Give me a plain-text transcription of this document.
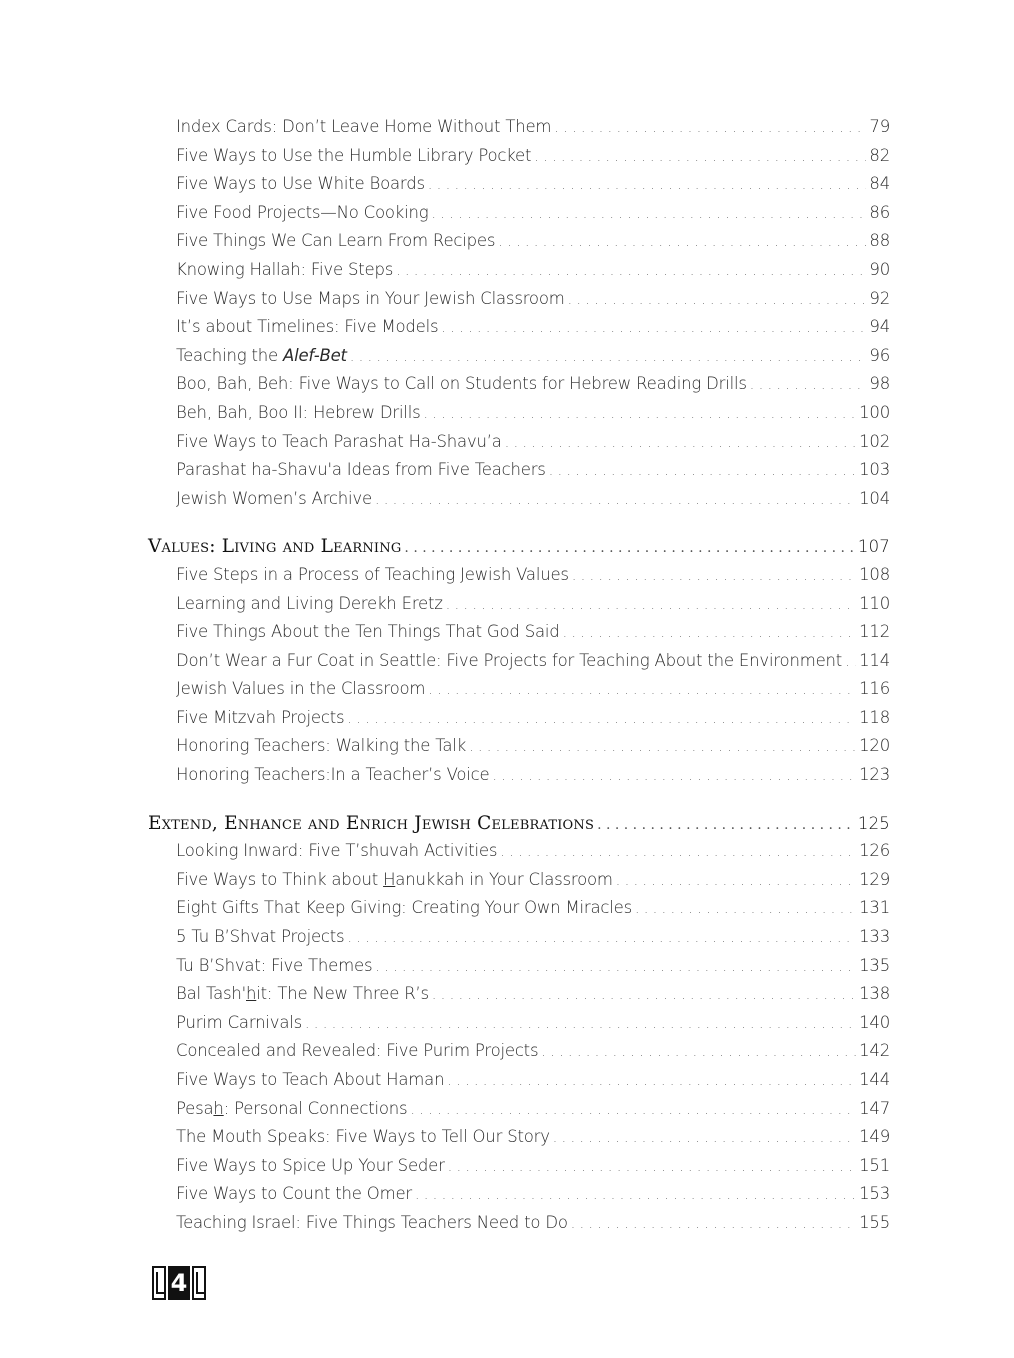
Index Cards: Don’t Leave Home Without Them . . .	79
Five Ways to Use the Humble Library Pocket . . .	82
Five Ways to Use White Boards . . .	84
Five Food Projects—No Cooking . . .	86
Five Things We Can Learn From Recipes . . .	88
Knowing Hallah: Five Steps . . .	90
Five Ways to Use Maps in Your Jewish Classroom . . .	92
It’s about Timelines: Five Models . . .	94
Teaching the Alef-Bet . . .	96
Boo, Bah, Beh: Five Ways to Call on Students for Hebrew Reading Drills . . .	98
Beh, Bah, Boo II: Hebrew Drills . . .	100
Five Ways to Teach Parashat Ha-Shavu’a . . .	102
Parashat ha-Shavu'a Ideas from Five Teachers . . .	103
Jewish Women’s Archive . . .	104
Values: Living and Learning . . .	107
Five Steps in a Process of Teaching Jewish Values . . .	108
Learning and Living Derekh Eretz . . .	110
Five Things About the Ten Things That God Said . . .	112
Don’t Wear a Fur Coat in Seattle: Five Projects for Teaching About the Environment . . . 114
Jewish Values in the Classroom . . .	116
Five Mitzvah Projects . . .	118
Honoring Teachers: Walking the Talk . . .	120
Honoring Teachers:In a Teacher’s Voice . . .	123
Extend, Enhance and Enrich Jewish Celebrations . . .	125
Looking Inward: Five T’shuvah Activities . . .	126
Five Ways to Think about Hanukkah in Your Classroom . . .	129
Eight Gifts That Keep Giving: Creating Your Own Miracles . . .	131
5 Tu B’Shvat Projects . . .	133
Tu B’Shvat: Five Themes . . .	135
Bal Tash'hit: The New Three R’s . . .	138
Purim Carnivals . . .	140
Concealed and Revealed: Five Purim Projects . . .	142
Five Ways to Teach About Haman . . .	144
Pesah: Personal Connections . . .	147
The Mouth Speaks: Five Ways to Tell Our Story . . .	149
Five Ways to Spice Up Your Seder . . .	151
Five Ways to Count the Omer . . .	153
Teaching Israel: Five Things Teachers Need to Do . . .	155
4
